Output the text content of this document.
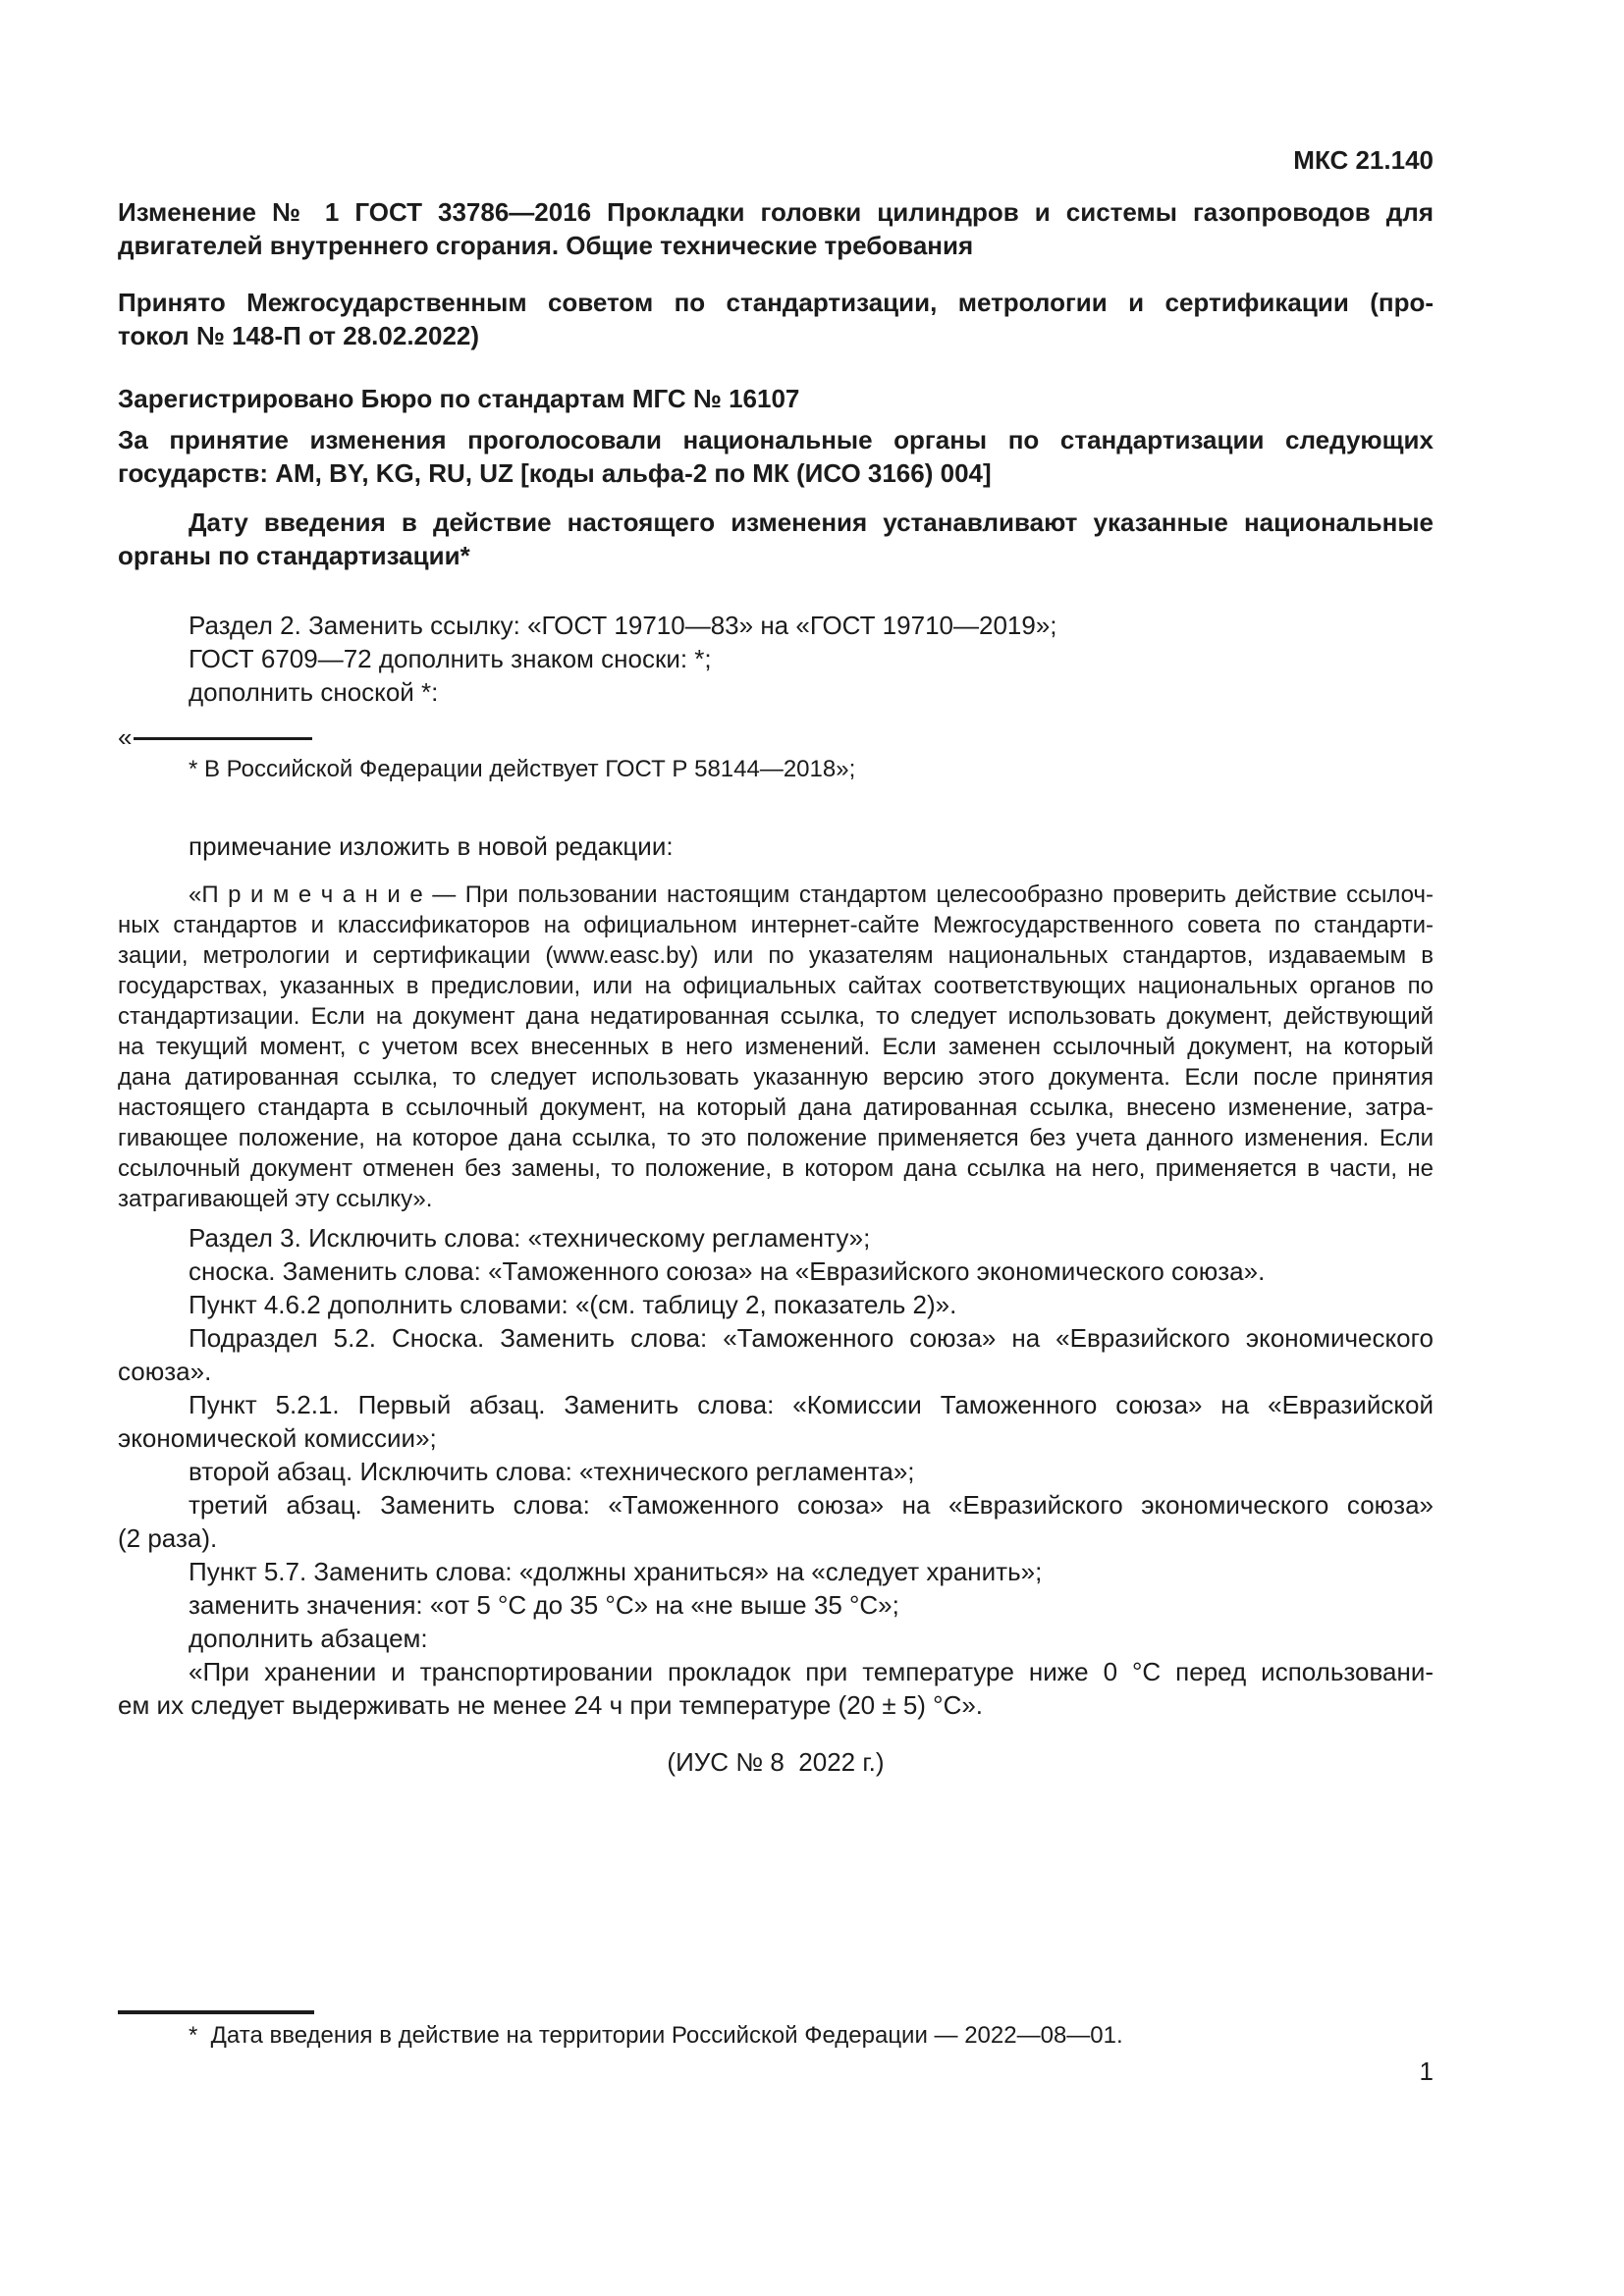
МКС 21.140
Изменение № 1 ГОСТ 33786—2016 Прокладки головки цилиндров и системы газопроводов для
двигателей внутреннего сгорания. Общие технические требования
Принято Межгосударственным советом по стандартизации, метрологии и сертификации (про-
токол № 148-П от 28.02.2022)
Зарегистрировано Бюро по стандартам МГС № 16107
За принятие изменения проголосовали национальные органы по стандартизации следующих
государств: AM, BY, KG, RU, UZ [коды альфа-2 по МК (ИСО 3166) 004]
Дату введения в действие настоящего изменения устанавливают указанные национальные
органы по стандартизации*
Раздел 2. Заменить ссылку: «ГОСТ 19710—83» на «ГОСТ 19710—2019»;
ГОСТ 6709—72 дополнить знаком сноски: *;
дополнить сноской *:
«
* В Российской Федерации действует ГОСТ Р 58144—2018»;
примечание изложить в новой редакции:
«П р и м е ч а н и е — При пользовании настоящим стандартом целесообразно проверить действие ссылоч-
ных стандартов и классификаторов на официальном интернет-сайте Межгосударственного совета по стандарти-
зации, метрологии и сертификации (www.easc.by) или по указателям национальных стандартов, издаваемым в
государствах, указанных в предисловии, или на официальных сайтах соответствующих национальных органов по
стандартизации. Если на документ дана недатированная ссылка, то следует использовать документ, действующий
на текущий момент, с учетом всех внесенных в него изменений. Если заменен ссылочный документ, на который
дана датированная ссылка, то следует использовать указанную версию этого документа. Если после принятия
настоящего стандарта в ссылочный документ, на который дана датированная ссылка, внесено изменение, затра-
гивающее положение, на которое дана ссылка, то это положение применяется без учета данного изменения. Если
ссылочный документ отменен без замены, то положение, в котором дана ссылка на него, применяется в части, не
затрагивающей эту ссылку».
Раздел 3. Исключить слова: «техническому регламенту»;
сноска. Заменить слова: «Таможенного союза» на «Евразийского экономического союза».
Пункт 4.6.2 дополнить словами: «(см. таблицу 2, показатель 2)».
Подраздел 5.2. Сноска. Заменить слова: «Таможенного союза» на «Евразийского экономического
союза».
Пункт 5.2.1. Первый абзац. Заменить слова: «Комиссии Таможенного союза» на «Евразийской
экономической комиссии»;
второй абзац. Исключить слова: «технического регламента»;
третий абзац. Заменить слова: «Таможенного союза» на «Евразийского экономического союза»
(2 раза).
Пункт 5.7. Заменить слова: «должны храниться» на «следует хранить»;
заменить значения: «от 5 °С до 35 °С» на «не выше 35 °С»;
дополнить абзацем:
«При хранении и транспортировании прокладок при температуре ниже 0 °С перед использовани-
ем их следует выдерживать не менее 24 ч при температуре (20 ± 5) °С».
(ИУС № 8  2022 г.)
*  Дата введения в действие на территории Российской Федерации — 2022—08—01.
1
